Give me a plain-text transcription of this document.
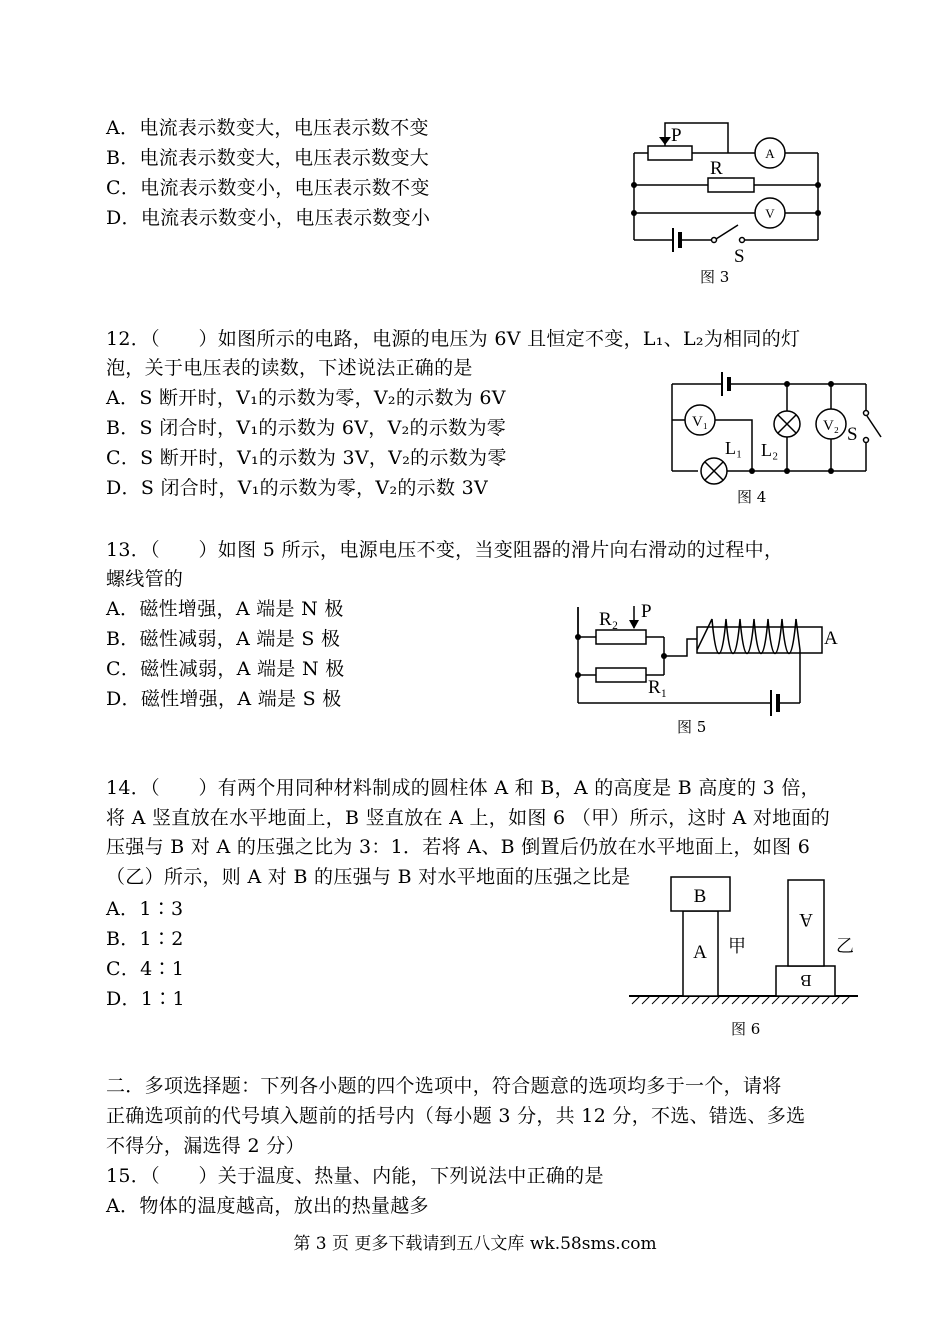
A．电流表示数变大，电压表示数不变
B．电流表示数变大，电压表示数变大
C．电流表示数变小，电压表示数不变
D．电流表示数变小，电压表示数变小
P
A
R
V
S
图 3
12．（　　）如图所示的电路，电源的电压为 6V 且恒定不变，L₁、L₂为相同的灯
泡，关于电压表的读数，下述说法正确的是
A．S 断开时，V₁的示数为零，V₂的示数为 6V
B．S 闭合时，V₁的示数为 6V，V₂的示数为零
C．S 断开时，V₁的示数为 3V，V₂的示数为零
D．S 闭合时，V₁的示数为零，V₂的示数 3V
V₁	V₂
L₁ L₂
S
图 4
13．（　　）如图 5 所示，电源电压不变，当变阻器的滑片向右滑动的过程中，
螺线管的
A．磁性增强，A 端是 N 极
B．磁性减弱，A 端是 S 极
C．磁性减弱，A 端是 N 极
D．磁性增强，A 端是 S 极
R₂ P
R₁
A
图 5
14．（　　）有两个用同种材料制成的圆柱体 A 和 B，A 的高度是 B 高度的 3 倍，
将 A 竖直放在水平地面上，B 竖直放在 A 上，如图 6 （甲）所示，这时 A 对地面的
压强与 B 对 A 的压强之比为 3：1．若将 A、B 倒置后仍放在水平地面上，如图 6
（乙）所示，则 A 对 B 的压强与 B 对水平地面的压强之比是
A．1∶3
B．1∶2
C．4∶1
D．1∶1
B
A 甲
A
B
乙
图 6
二．多项选择题：下列各小题的四个选项中，符合题意的选项均多于一个，请将
正确选项前的代号填入题前的括号内（每小题 3 分，共 12 分，不选、错选、多选
不得分，漏选得 2 分）
15．（　　）关于温度、热量、内能，下列说法中正确的是
A．物体的温度越高，放出的热量越多
第 3 页 更多下载请到五八文库 wk.58sms.com
